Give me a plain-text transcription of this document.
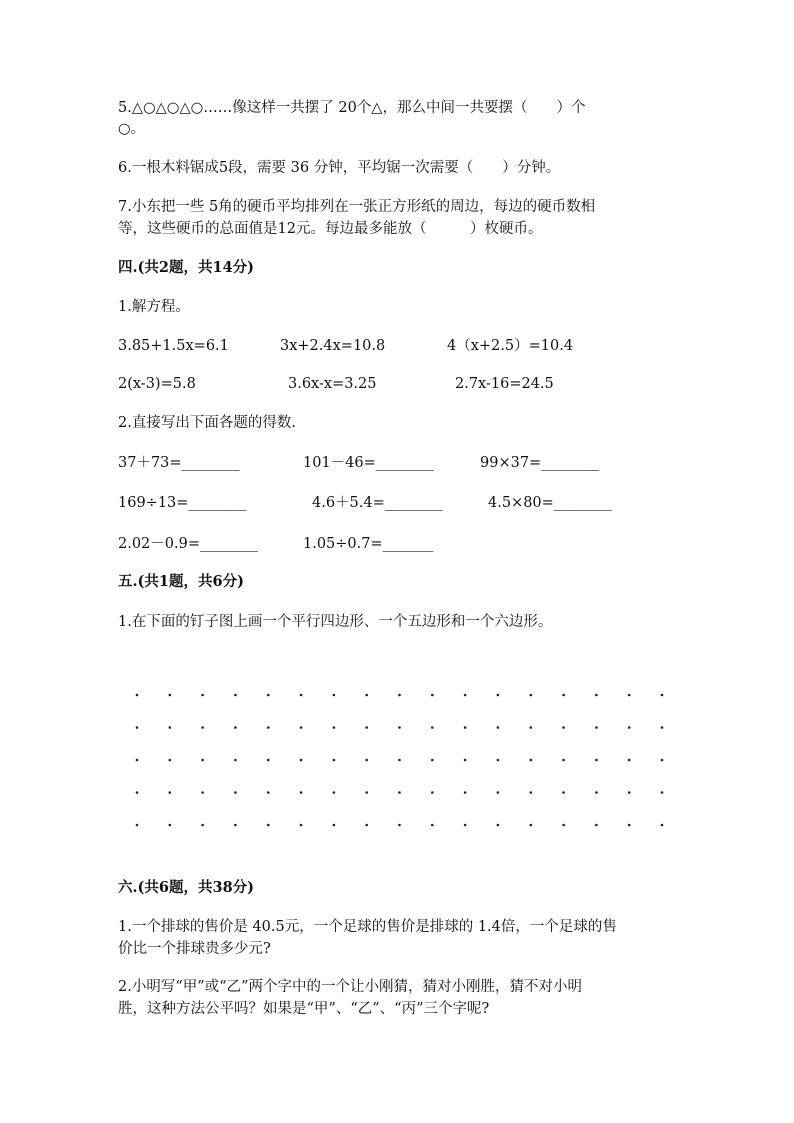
5.△○△○△○……像这样一共摆了 20个△，那么中间一共要摆（　　）个
○。
6.一根木料锯成5段，需要 36 分钟，平均锯一次需要（　　）分钟。
7.小东把一些 5角的硬币平均排列在一张正方形纸的周边，每边的硬币数相
等，这些硬币的总面值是12元。每边最多能放（　　　）枚硬币。
四.(共2题，共14分)
1.解方程。
3.85+1.5x=6.1	3x+2.4x=10.8	4（x+2.5）=10.4
2(x-3)=5.8	3.6x-x=3.25	2.7x-16=24.5
2.直接写出下面各题的得数.
37＋73=________	101－46=________	99×37=________
169÷13=________	4.6＋5.4=________	4.5×80=________
2.02－0.9=________	1.05÷0.7=_______
五.(共1题，共6分)
1.在下面的钉子图上画一个平行四边形、一个五边形和一个六边形。
六.(共6题，共38分)
1.一个排球的售价是 40.5元，一个足球的售价是排球的 1.4倍，一个足球的售
价比一个排球贵多少元?
2.小明写“甲”或“乙”两个字中的一个让小刚猜，猜对小刚胜，猜不对小明
胜，这种方法公平吗？如果是“甲”、“乙”、“丙”三个字呢?
